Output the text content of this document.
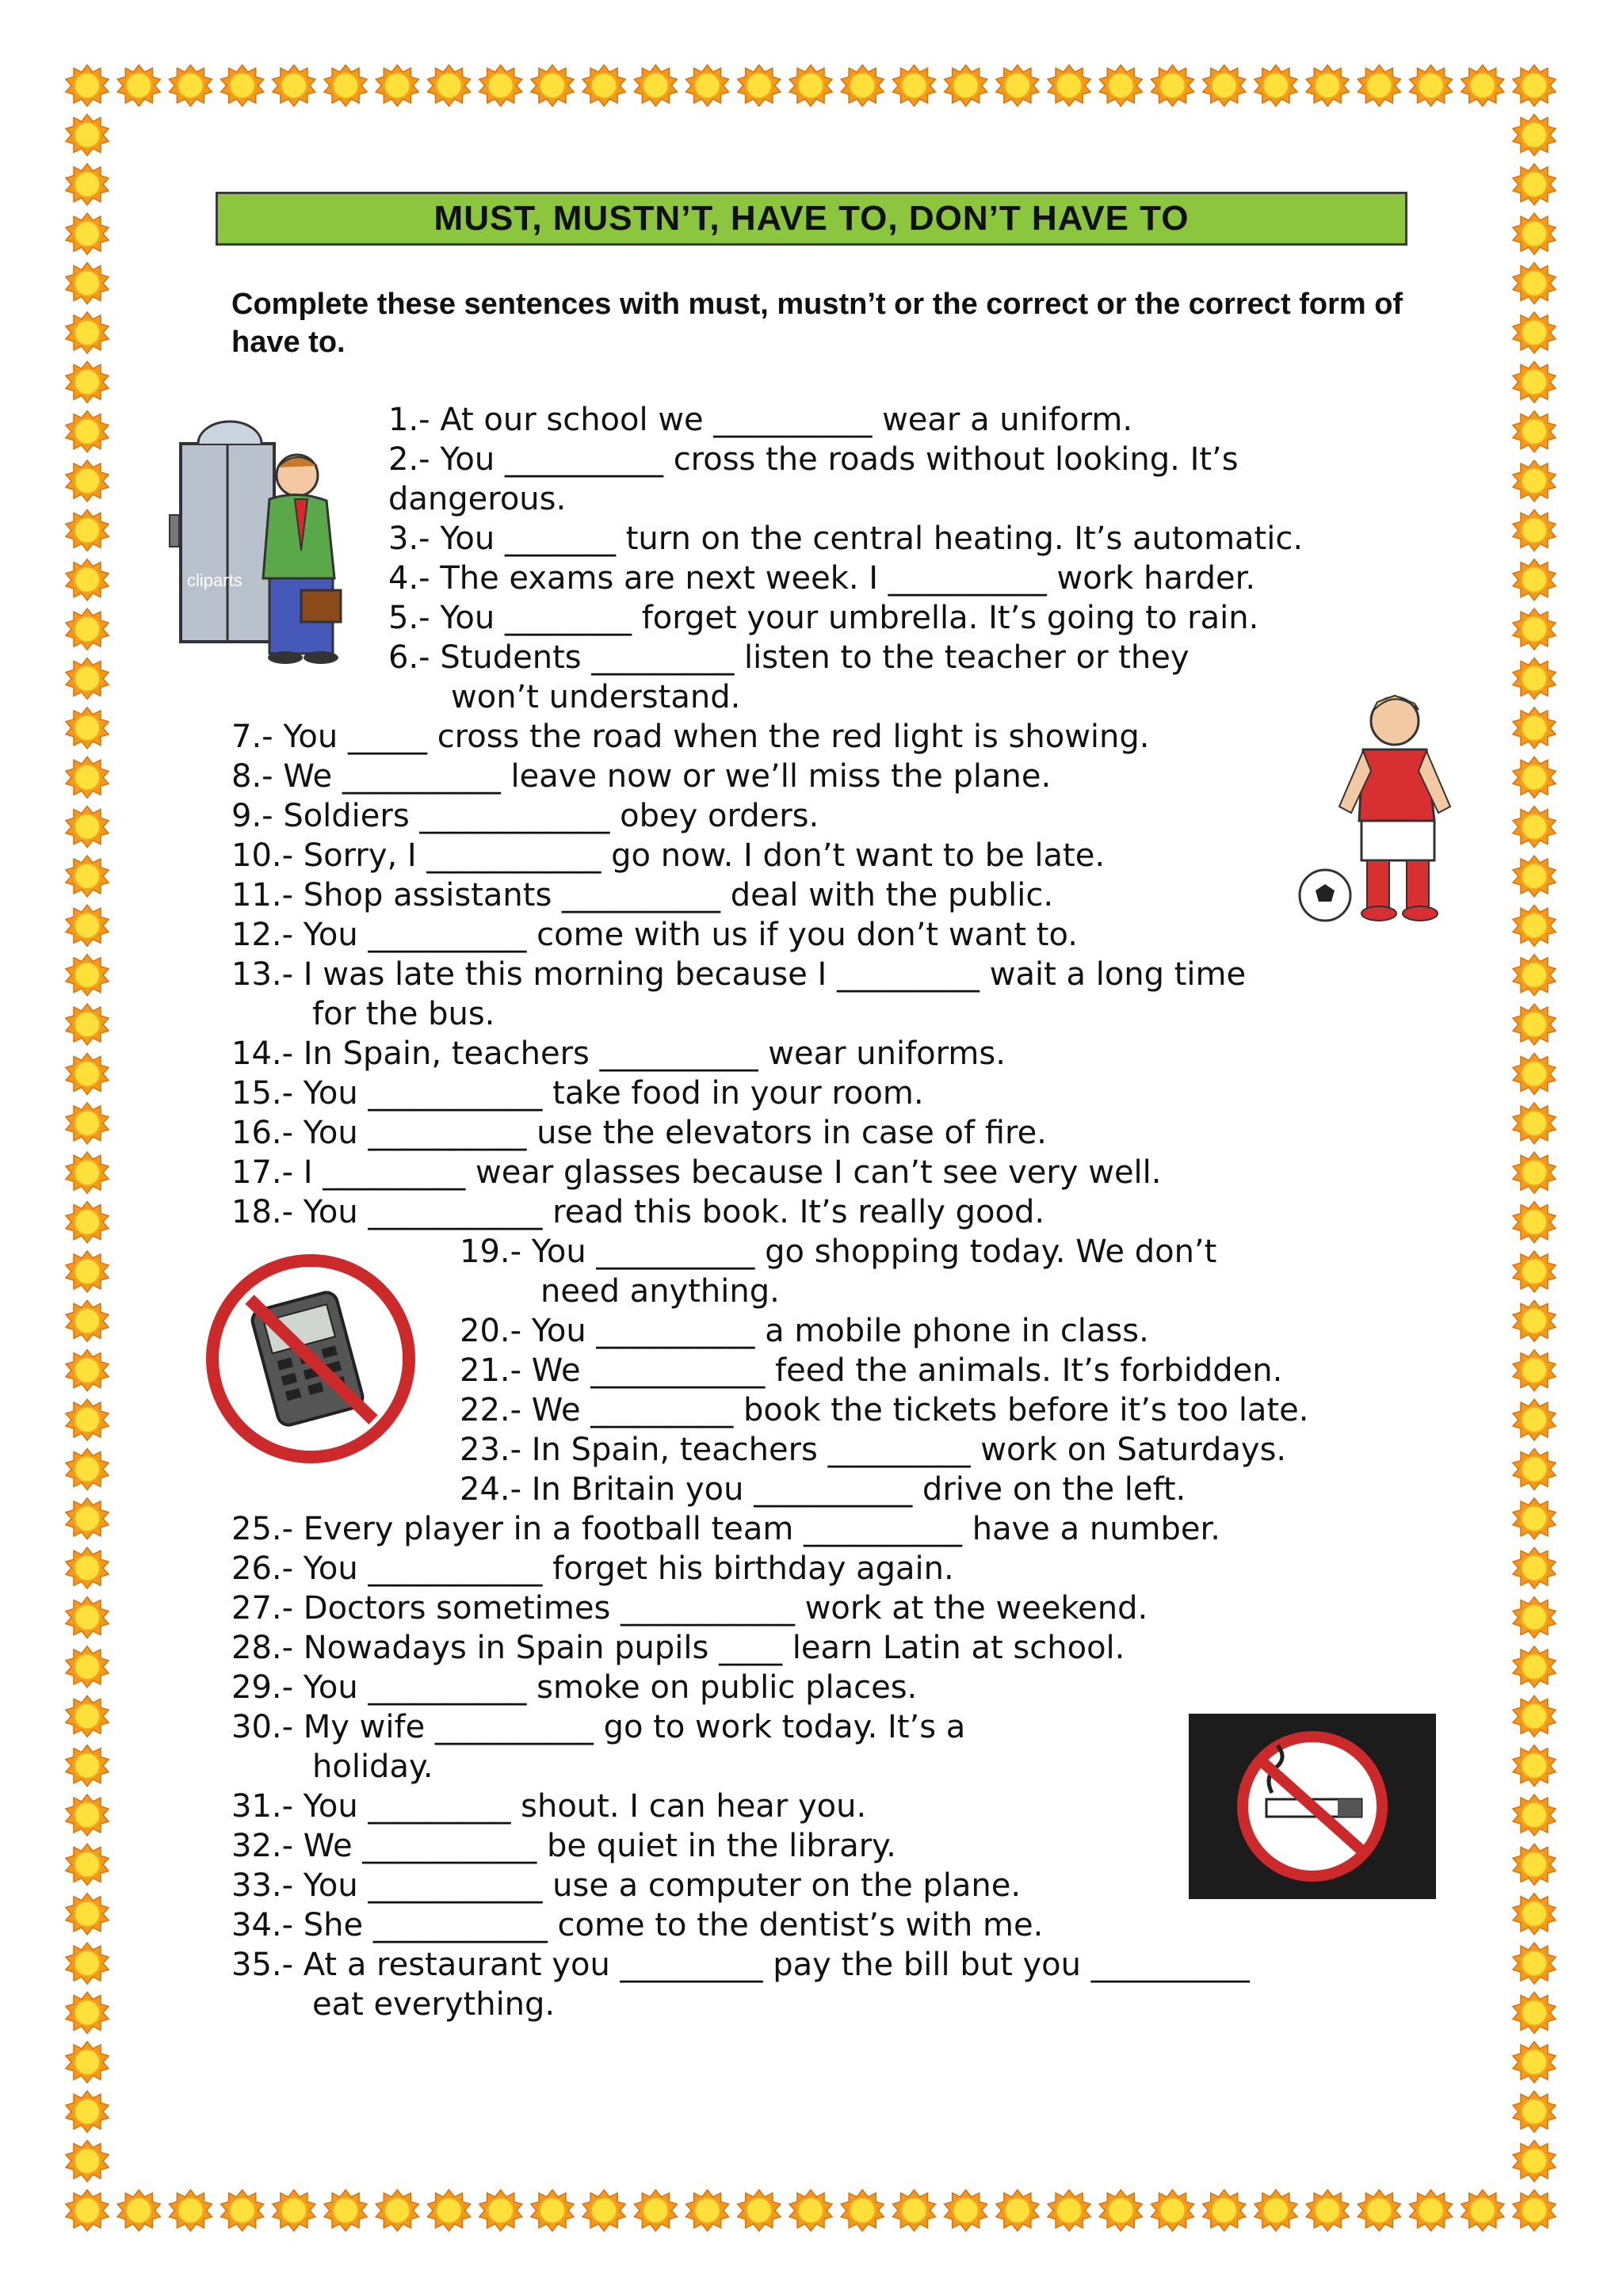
MUST, MUSTN’T, HAVE TO, DON’T HAVE TO
Complete these sentences with must, mustn’t or the correct or the correct form of have to.
cliparts
1.- At our school we __________ wear a uniform.
2.- You __________ cross the roads without looking. It’s
dangerous.
3.- You _______ turn on the central heating. It’s automatic.
4.- The exams are next week. I __________ work harder.
5.- You ________ forget your umbrella. It’s going to rain.
6.- Students _________ listen to the teacher or they
won’t understand.
7.- You _____ cross the road when the red light is showing.
8.- We __________ leave now or we’ll miss the plane.
9.- Soldiers ____________ obey orders.
10.- Sorry, I ___________ go now. I don’t want to be late.
11.- Shop assistants __________ deal with the public.
12.- You __________ come with us if you don’t want to.
13.- I was late this morning because I _________ wait a long time
for the bus.
14.- In Spain, teachers __________ wear uniforms.
15.- You ___________ take food in your room.
16.- You __________ use the elevators in case of fire.
17.- I _________ wear glasses because I can’t see very well.
18.- You ___________ read this book. It’s really good.
19.- You __________ go shopping today. We don’t
need anything.
20.- You __________ a mobile phone in class.
21.- We ___________ feed the animals. It’s forbidden.
22.- We _________ book the tickets before it’s too late.
23.- In Spain, teachers _________ work on Saturdays.
24.- In Britain you __________ drive on the left.
25.- Every player in a football team __________ have a number.
26.- You ___________ forget his birthday again.
27.- Doctors sometimes ___________ work at the weekend.
28.- Nowadays in Spain pupils ____ learn Latin at school.
29.- You __________ smoke on public places.
30.- My wife __________ go to work today. It’s a
holiday.
31.- You _________ shout. I can hear you.
32.- We ___________ be quiet in the library.
33.- You ___________ use a computer on the plane.
34.- She ___________ come to the dentist’s with me.
35.- At a restaurant you _________ pay the bill but you __________
eat everything.
